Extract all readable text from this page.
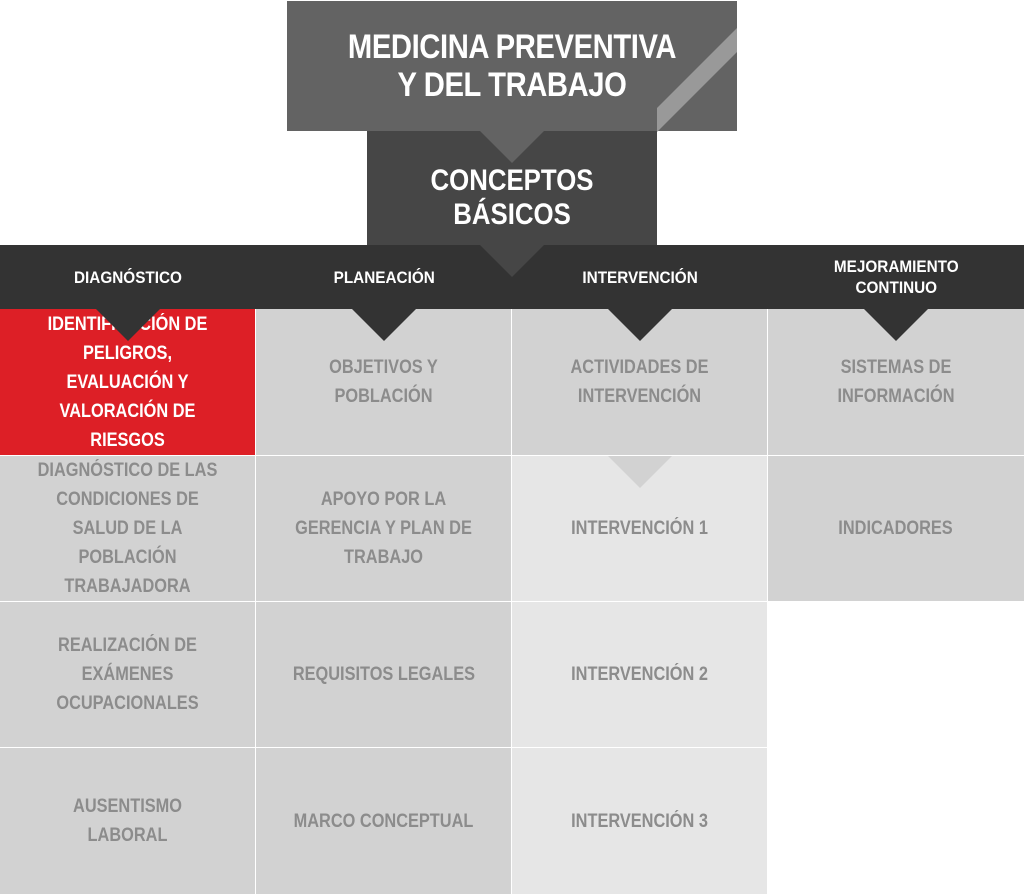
MEDICINA PREVENTIVA
Y DEL TRABAJO
CONCEPTOS BÁSICOS
DIAGNÓSTICO	PLANEACIÓN	INTERVENCIÓN
MEJORAMIENTO CONTINUO
IDENTIFICACIÓN DE PELIGROS, EVALUACIÓN Y VALORACIÓN DE RIESGOS
DIAGNÓSTICO DE LAS CONDICIONES DE SALUD DE LA POBLACIÓN TRABAJADORA
REALIZACIÓN DE EXÁMENES OCUPACIONALES
AUSENTISMO LABORAL
OBJETIVOS Y POBLACIÓN
APOYO POR LA GERENCIA Y PLAN DE TRABAJO
REQUISITOS LEGALES
MARCO CONCEPTUAL
ACTIVIDADES DE INTERVENCIÓN
INTERVENCIÓN 1
INTERVENCIÓN 2
INTERVENCIÓN 3
SISTEMAS DE INFORMACIÓN
INDICADORES
